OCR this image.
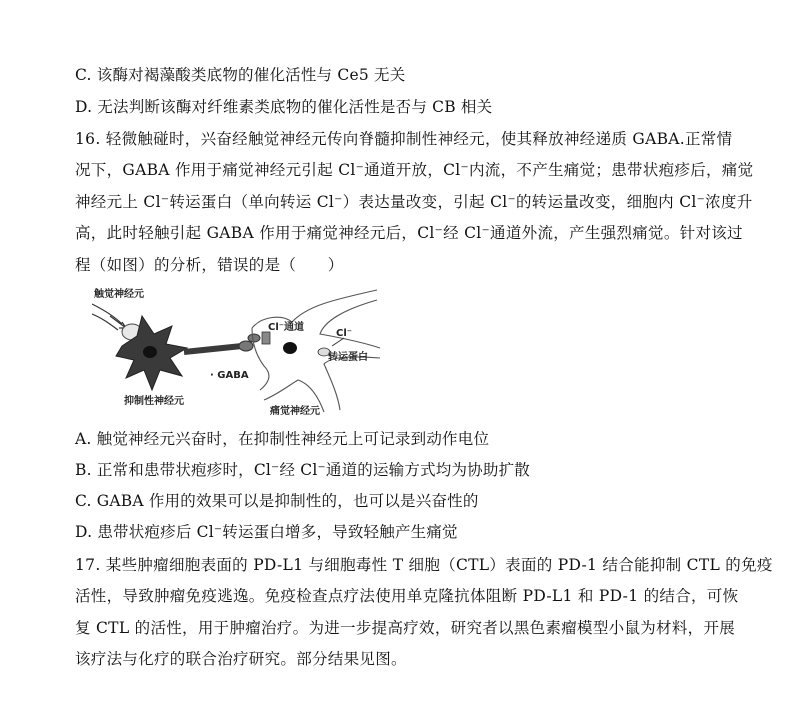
C. 该酶对褐藻酸类底物的催化活性与 Ce5 无关
D. 无法判断该酶对纤维素类底物的催化活性是否与 CB 相关
16. 轻微触碰时，兴奋经触觉神经元传向脊髓抑制性神经元，使其释放神经递质 GABA.正常情
况下，GABA 作用于痛觉神经元引起 Cl⁻通道开放，Cl⁻内流，不产生痛觉；患带状疱疹后，痛觉
神经元上 Cl⁻转运蛋白（单向转运 Cl⁻）表达量改变，引起 Cl⁻的转运量改变，细胞内 Cl⁻浓度升
高，此时轻触引起 GABA 作用于痛觉神经元后，Cl⁻经 Cl⁻通道外流，产生强烈痛觉。针对该过
程（如图）的分析，错误的是（　　）
触觉神经元
抑制性神经元
· GABA
Cl⁻通道
Cl⁻
转运蛋白
痛觉神经元
A. 触觉神经元兴奋时，在抑制性神经元上可记录到动作电位
B. 正常和患带状疱疹时，Cl⁻经 Cl⁻通道的运输方式均为协助扩散
C. GABA 作用的效果可以是抑制性的，也可以是兴奋性的
D. 患带状疱疹后 Cl⁻转运蛋白增多，导致轻触产生痛觉
17. 某些肿瘤细胞表面的 PD-L1 与细胞毒性 T 细胞（CTL）表面的 PD-1 结合能抑制 CTL 的免疫
活性，导致肿瘤免疫逃逸。免疫检查点疗法使用单克隆抗体阻断 PD-L1 和 PD-1 的结合，可恢
复 CTL 的活性，用于肿瘤治疗。为进一步提高疗效，研究者以黑色素瘤模型小鼠为材料，开展
该疗法与化疗的联合治疗研究。部分结果见图。
